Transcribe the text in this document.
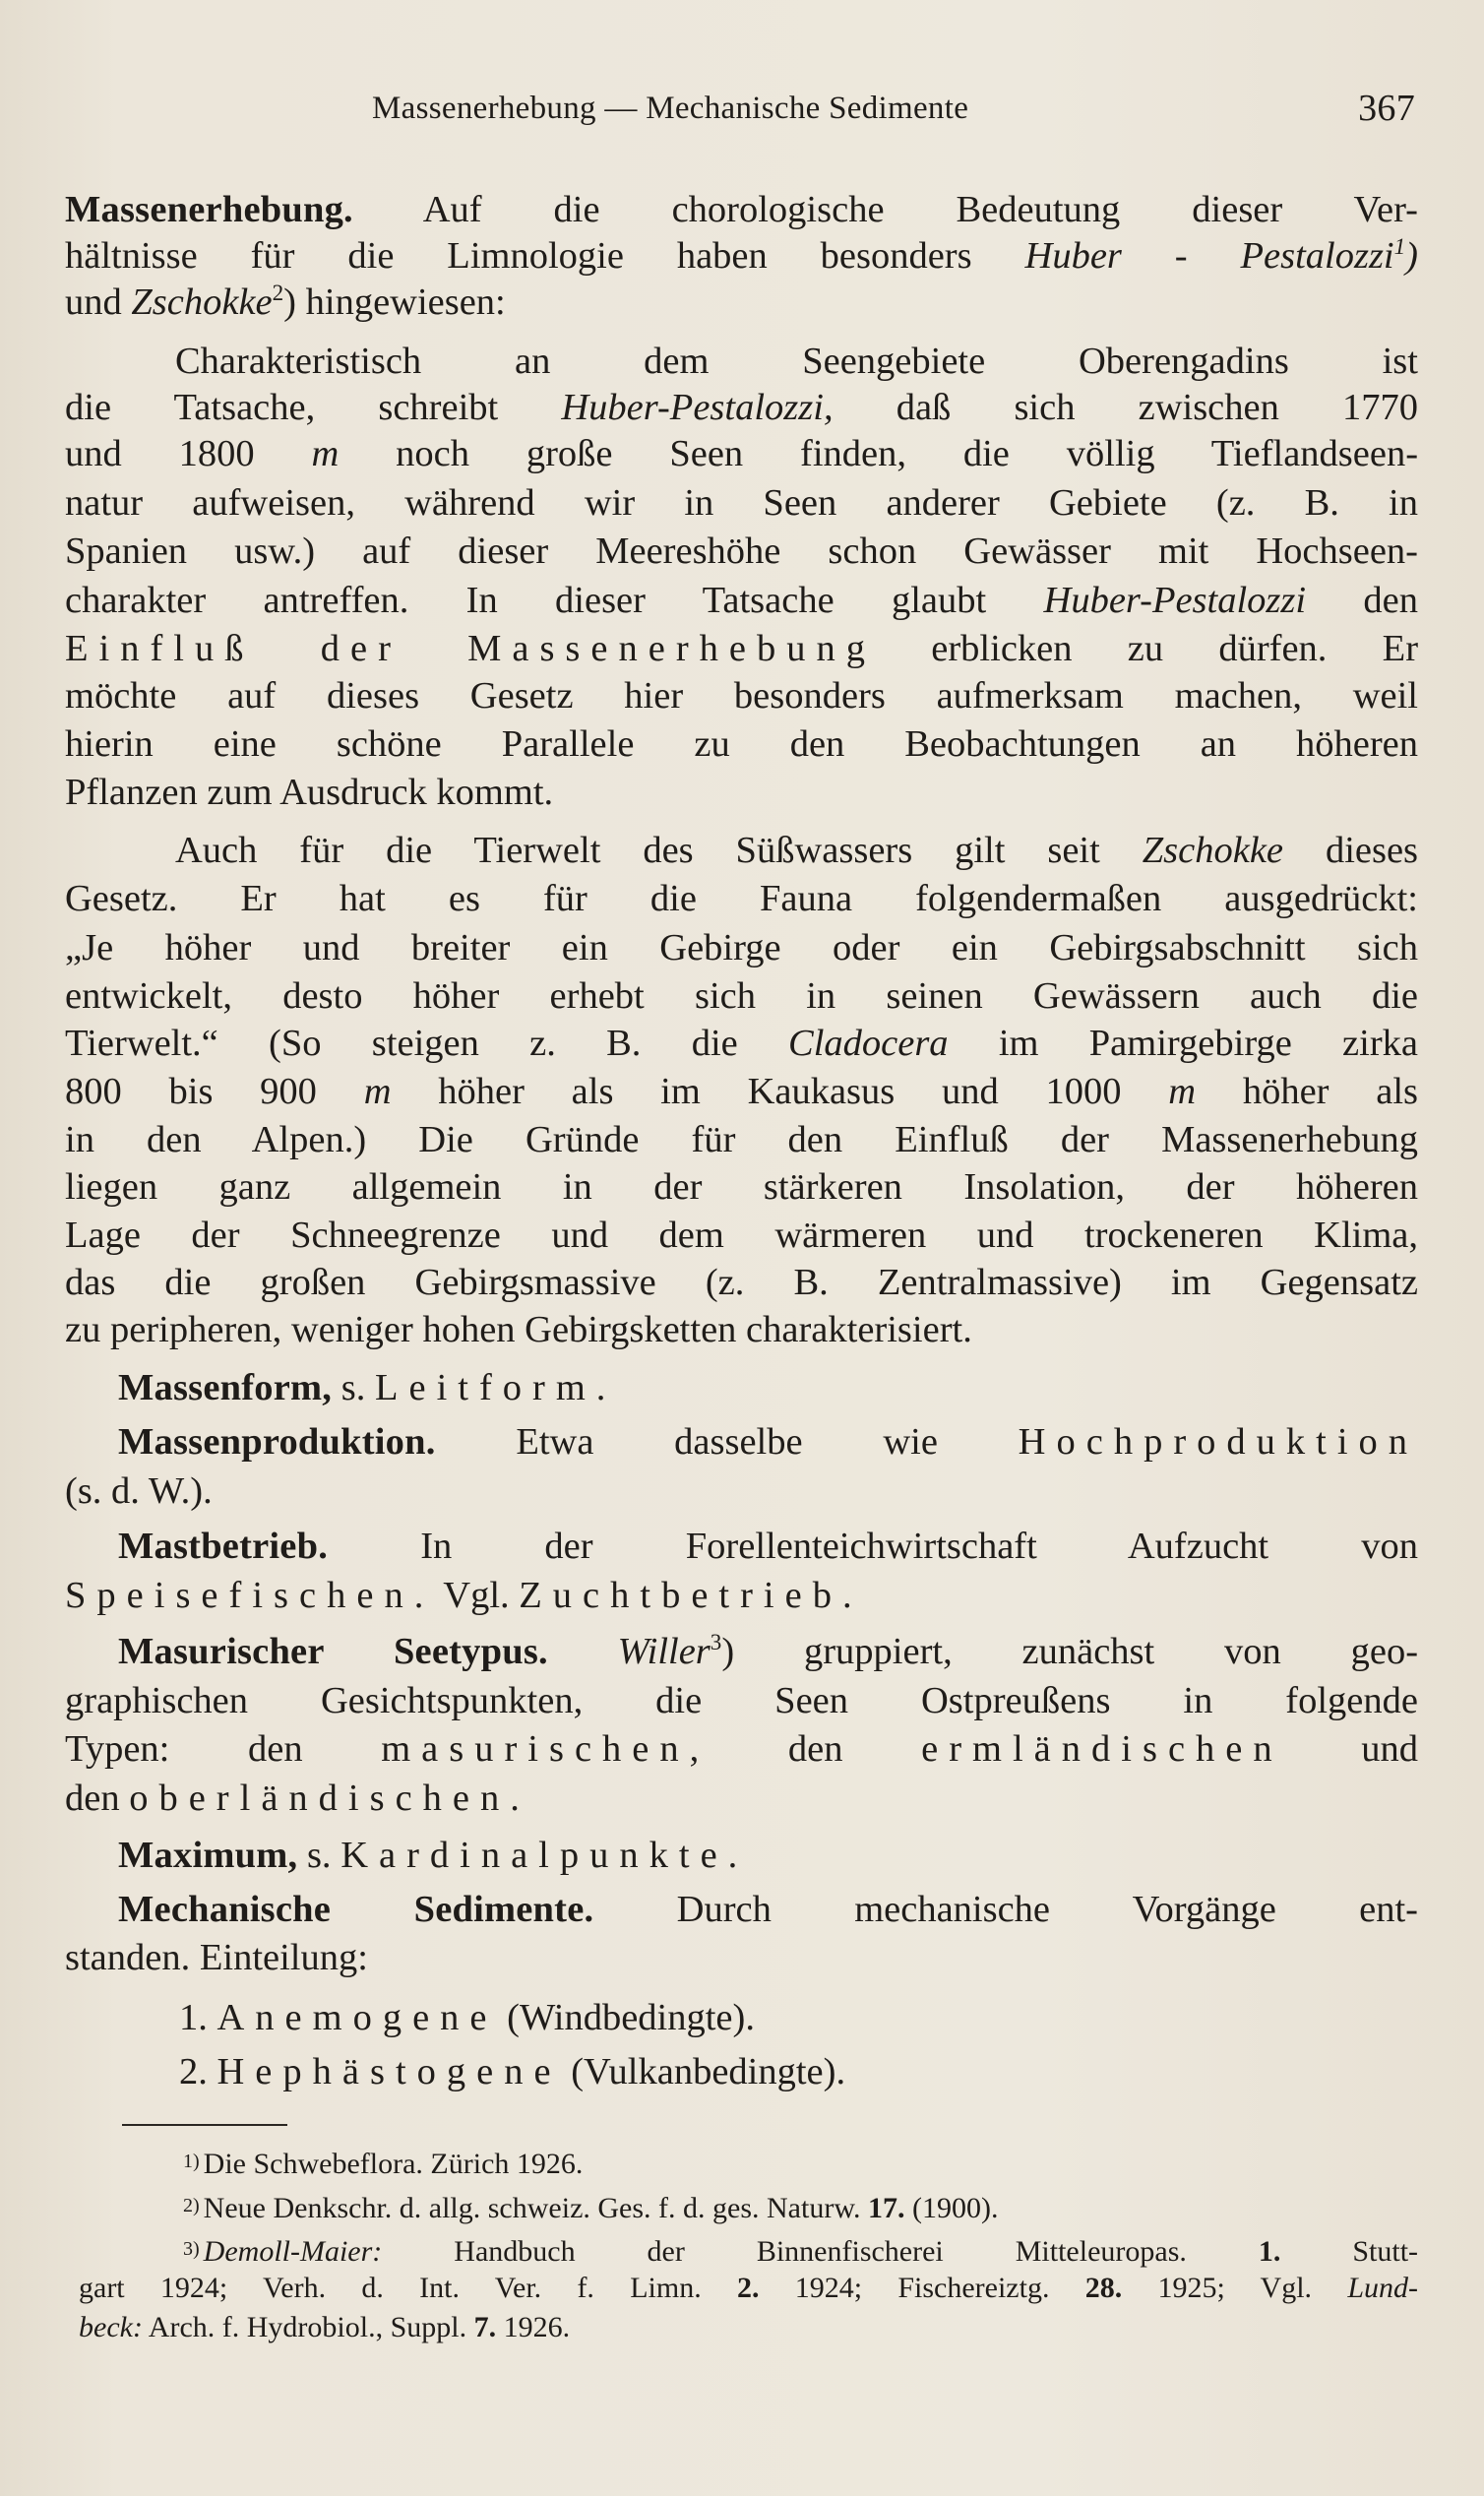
Massenerhebung — Mechanische Sedimente	367
Massenerhebung. Auf die chorologische Bedeutung dieser Ver-
hältnisse für die Limnologie haben besonders Huber - Pestalozzi$^1$)
und Zschokke$^2$) hingewiesen:
Charakteristisch an dem Seengebiete Oberengadins ist
die Tatsache, schreibt Huber-Pestalozzi, daß sich zwischen 1770
und 1800 m noch große Seen finden, die völlig Tieflandseen-
natur aufweisen, während wir in Seen anderer Gebiete (z. B. in
Spanien usw.) auf dieser Meereshöhe schon Gewässer mit Hochseen-
charakter antreffen. In dieser Tatsache glaubt Huber-Pestalozzi den
Einfluß der Massenerhebung erblicken zu dürfen. Er
möchte auf dieses Gesetz hier besonders aufmerksam machen, weil
hierin eine schöne Parallele zu den Beobachtungen an höheren
Pflanzen zum Ausdruck kommt.
Auch für die Tierwelt des Süßwassers gilt seit Zschokke dieses
Gesetz. Er hat es für die Fauna folgendermaßen ausgedrückt:
„Je höher und breiter ein Gebirge oder ein Gebirgsabschnitt sich
entwickelt, desto höher erhebt sich in seinen Gewässern auch die
Tierwelt.“ (So steigen z. B. die Cladocera im Pamirgebirge zirka
800 bis 900 m höher als im Kaukasus und 1000 m höher als
in den Alpen.) Die Gründe für den Einfluß der Massenerhebung
liegen ganz allgemein in der stärkeren Insolation, der höheren
Lage der Schneegrenze und dem wärmeren und trockeneren Klima,
das die großen Gebirgsmassive (z. B. Zentralmassive) im Gegensatz
zu peripheren, weniger hohen Gebirgsketten charakterisiert.
Massenform, s. Leitform.
Massenproduktion. Etwa dasselbe wie Hochproduktion
(s. d. W.).
Mastbetrieb. In der Forellenteichwirtschaft Aufzucht von
Speisefischen. Vgl. Zuchtbetrieb.
Masurischer Seetypus. Willer$^3$) gruppiert, zunächst von geo-
graphischen Gesichtspunkten, die Seen Ostpreußens in folgende
Typen: den masurischen, den ermländischen und
den oberländischen.
Maximum, s. Kardinalpunkte.
Mechanische Sedimente. Durch mechanische Vorgänge ent-
standen. Einteilung:
1. Anemogene (Windbedingte).
2. Hephästogene (Vulkanbedingte).
$^{1)}$ Die Schwebeflora. Zürich 1926.
$^{2)}$ Neue Denkschr. d. allg. schweiz. Ges. f. d. ges. Naturw. 17. (1900).
$^{3)}$ Demoll-Maier: Handbuch der Binnenfischerei Mitteleuropas. 1. Stutt-
gart 1924; Verh. d. Int. Ver. f. Limn. 2. 1924; Fischereiztg. 28. 1925; Vgl. Lund-
beck: Arch. f. Hydrobiol., Suppl. 7. 1926.
